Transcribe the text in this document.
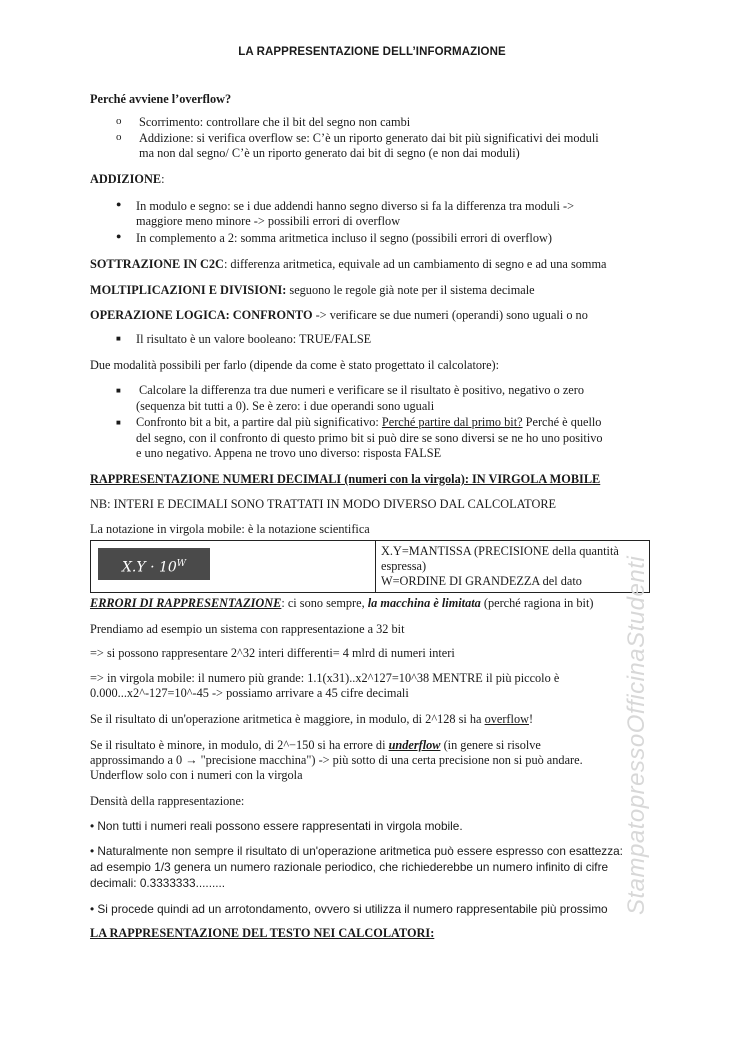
LA RAPPRESENTAZIONE DELL’INFORMAZIONE
Perché avviene l’overflow?
o Scorrimento: controllare che il bit del segno non cambi
o Addizione: si verifica overflow se: C’è un riporto generato dai bit più significativi dei moduli
ma non dal segno/ C’è un riporto generato dai bit di segno (e non dai moduli)
ADDIZIONE:
● In modulo e segno: se i due addendi hanno segno diverso si fa la differenza tra moduli ->
maggiore meno minore -> possibili errori di overflow
● In complemento a 2: somma aritmetica incluso il segno (possibili errori di overflow)
SOTTRAZIONE IN C2C: differenza aritmetica, equivale ad un cambiamento di segno e ad una somma
MOLTIPLICAZIONI E DIVISIONI: seguono le regole già note per il sistema decimale
OPERAZIONE LOGICA: CONFRONTO -> verificare se due numeri (operandi) sono uguali o no
■ Il risultato è un valore booleano: TRUE/FALSE
Due modalità possibili per farlo (dipende da come è stato progettato il calcolatore):
■ Calcolare la differenza tra due numeri e verificare se il risultato è positivo, negativo o zero
(sequenza bit tutti a 0). Se è zero: i due operandi sono uguali
■ Confronto bit a bit, a partire dal più significativo: Perché partire dal primo bit? Perché è quello
del segno, con il confronto di questo primo bit si può dire se sono diversi se ne ho uno positivo
e uno negativo. Appena ne trovo uno diverso: risposta FALSE
RAPPRESENTAZIONE NUMERI DECIMALI (numeri con la virgola): IN VIRGOLA MOBILE
NB: INTERI E DECIMALI SONO TRATTATI IN MODO DIVERSO DAL CALCOLATORE
La notazione in virgola mobile: è la notazione scientifica
$X.Y \cdot 10^W$
X.Y=MANTISSA (PRECISIONE della quantità
espressa)
W=ORDINE DI GRANDEZZA del dato
ERRORI DI RAPPRESENTAZIONE: ci sono sempre, la macchina è limitata (perché ragiona in bit)
Prendiamo ad esempio un sistema con rappresentazione a 32 bit
=> si possono rappresentare 2^32 interi differenti= 4 mlrd di numeri interi
=> in virgola mobile: il numero più grande: 1.1(x31)..x2^127=10^38 MENTRE il più piccolo è
0.000...x2^-127=10^-45 -> possiamo arrivare a 45 cifre decimali
Se il risultato di un'operazione aritmetica è maggiore, in modulo, di 2^128 si ha overflow!
Se il risultato è minore, in modulo, di 2^−150 si ha errore di underflow (in genere si risolve
approssimando a 0 → "precisione macchina") -> più sotto di una certa precisione non si può andare.
Underflow solo con i numeri con la virgola
Densità della rappresentazione:
• Non tutti i numeri reali possono essere rappresentati in virgola mobile.
• Naturalmente non sempre il risultato di un'operazione aritmetica può essere espresso con esattezza:
ad esempio 1/3 genera un numero razionale periodico, che richiederebbe un numero infinito di cifre
decimali: 0.3333333.........
• Si procede quindi ad un arrotondamento, ovvero si utilizza il numero rappresentabile più prossimo
LA RAPPRESENTAZIONE DEL TESTO NEI CALCOLATORI:
StampatopressoOfficinaStudenti
